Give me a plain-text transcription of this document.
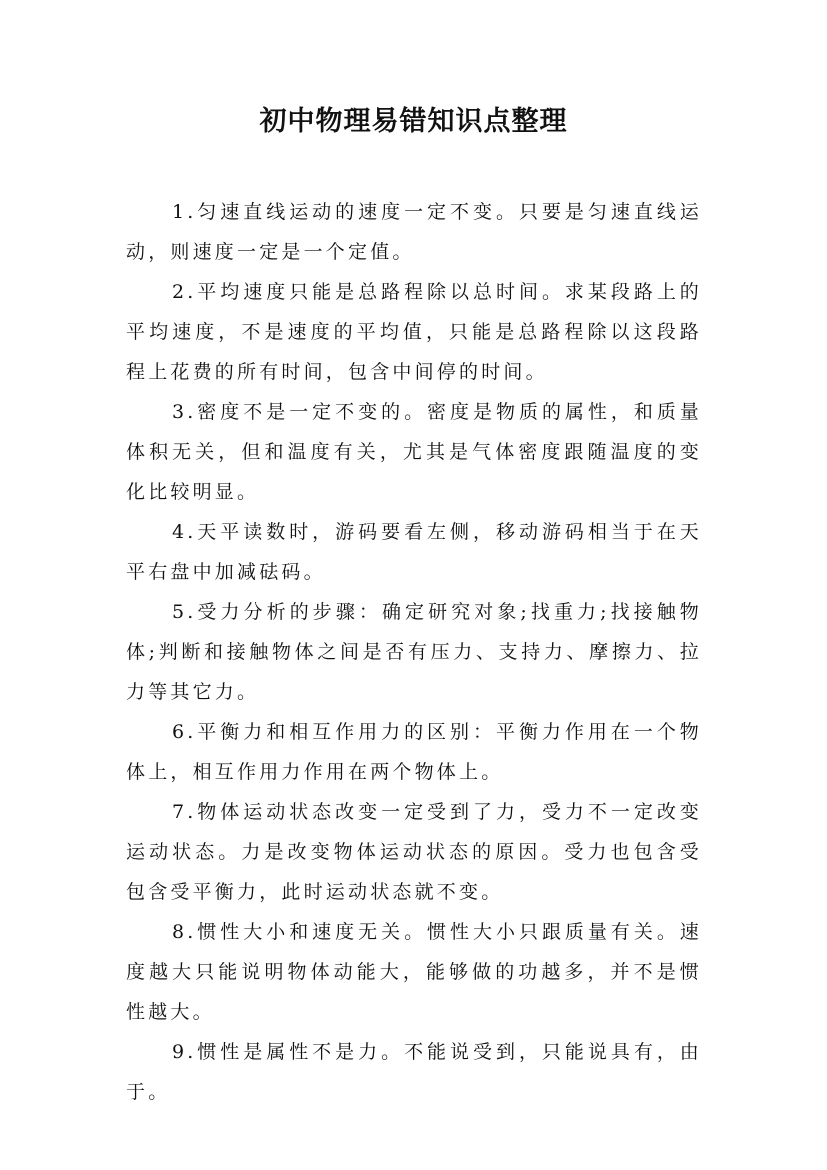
初中物理易错知识点整理

1.匀速直线运动的速度一定不变。只要是匀速直线运动，则速度一定是一个定值。

2.平均速度只能是总路程除以总时间。求某段路上的平均速度，不是速度的平均值，只能是总路程除以这段路程上花费的所有时间，包含中间停的时间。

3.密度不是一定不变的。密度是物质的属性，和质量体积无关，但和温度有关，尤其是气体密度跟随温度的变化比较明显。

4.天平读数时，游码要看左侧，移动游码相当于在天平右盘中加减砝码。

5.受力分析的步骤：确定研究对象;找重力;找接触物体;判断和接触物体之间是否有压力、支持力、摩擦力、拉力等其它力。

6.平衡力和相互作用力的区别：平衡力作用在一个物体上，相互作用力作用在两个物体上。

7.物体运动状态改变一定受到了力，受力不一定改变运动状态。力是改变物体运动状态的原因。受力也包含受包含受平衡力，此时运动状态就不变。

8.惯性大小和速度无关。惯性大小只跟质量有关。速度越大只能说明物体动能大，能够做的功越多，并不是惯性越大。

9.惯性是属性不是力。不能说受到，只能说具有，由于。
